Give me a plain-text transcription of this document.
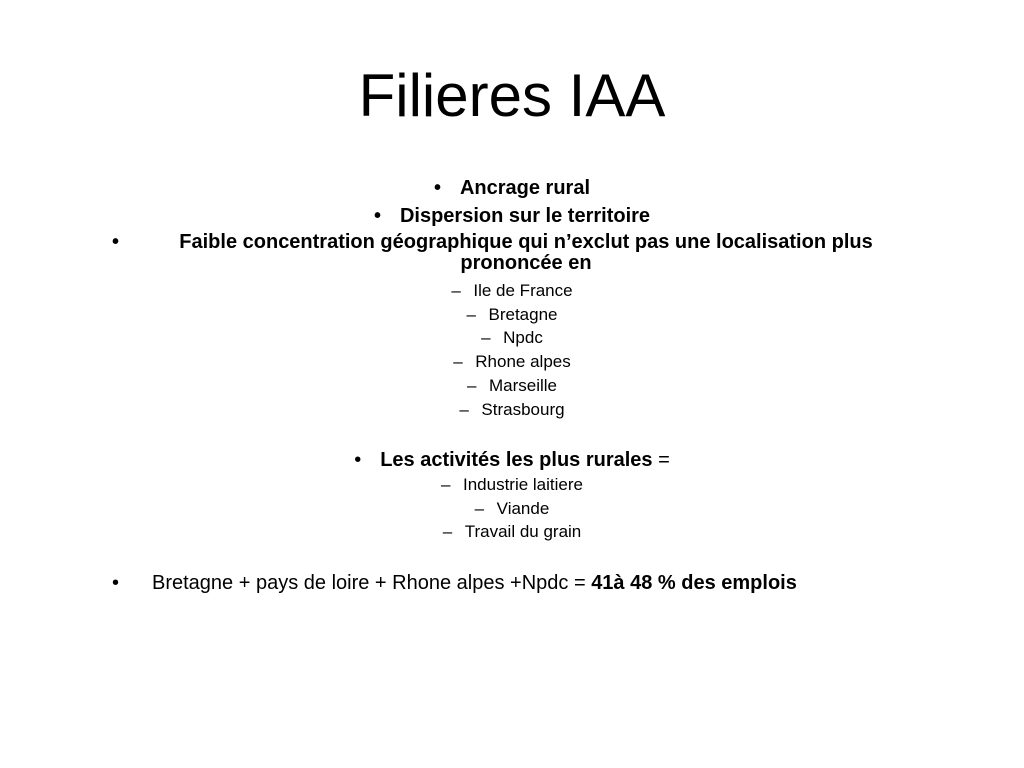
Filieres IAA
• Ancrage rural
• Dispersion sur le territoire
•	Faible concentration géographique qui n’exclut pas une localisation plus prononcée en
– Ile de France
– Bretagne
– Npdc
– Rhone alpes
– Marseille
– Strasbourg
• Les activités les plus rurales =
– Industrie laitiere
– Viande
– Travail du grain
• Bretagne + pays de loire + Rhone alpes +Npdc = 41à 48 % des emplois
